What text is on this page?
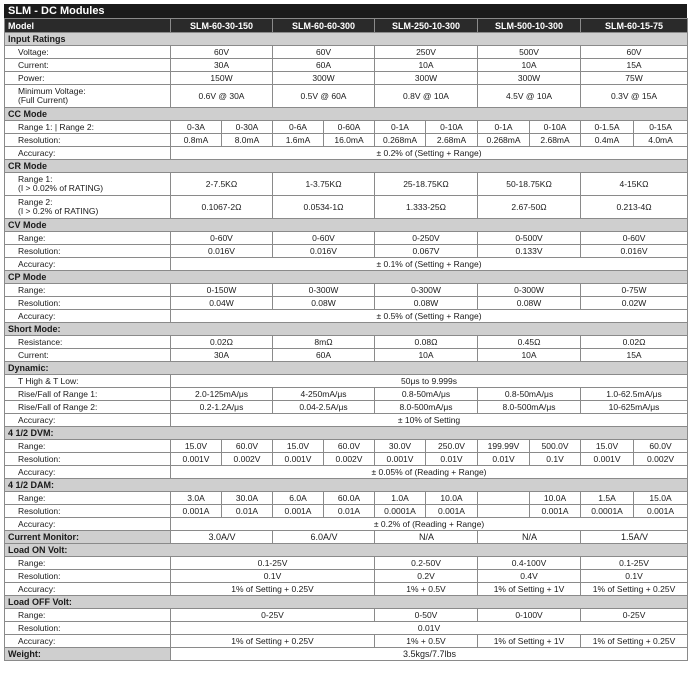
SLM - DC Modules
Model	SLM-60-30-150		SLM-60-60-300		SLM-250-10-300		SLM-500-10-300		SLM-60-15-75	
Input Ratings										
Voltage:	60V		60V		250V		500V		60V	
Current:	30A		60A		10A		10A		15A	
Power:	150W		300W		300W		300W		75W	

Minimum Voltage:
(Full Current)	0.6V @ 30A		0.5V @ 60A		0.8V @ 10A		4.5V @ 10A		0.3V @ 15A	
CC Mode										
Range 1: | Range 2:	0-3A	0-30A	0-6A	0-60A	0-1A	0-10A	0-1A	0-10A	0-1.5A	0-15A
Resolution:	0.8mA	8.0mA	1.6mA	16.0mA	0.268mA	2.68mA	0.268mA	2.68mA	0.4mA	4.0mA
Accuracy:	± 0.2% of (Setting + Range)									
CR Mode										

Range 1:
(I > 0.02% of RATING)	2-7.5KΩ		1-3.75KΩ		25-18.75KΩ		50-18.75KΩ		4-15KΩ	

Range 2:
(I > 0.2% of RATING)	0.1067-2Ω		0.0534-1Ω		1.333-25Ω		2.67-50Ω		0.213-4Ω	
CV Mode										
Range:	0-60V		0-60V		0-250V		0-500V		0-60V	
Resolution:	0.016V		0.016V		0.067V		0.133V		0.016V	
Accuracy:	± 0.1% of (Setting + Range)									
CP Mode										
Range:	0-150W		0-300W		0-300W		0-300W		0-75W	
Resolution:	0.04W		0.08W		0.08W		0.08W		0.02W	
Accuracy:	± 0.5% of (Setting + Range)									
Short Mode:										
Resistance:	0.02Ω		8mΩ		0.08Ω		0.45Ω		0.02Ω	
Current:	30A		60A		10A		10A		15A	
Dynamic:										
T High & T Low:	50μs to 9.999s									
Rise/Fall of Range 1:	2.0-125mA/μs		4-250mA/μs		0.8-50mA/μs		0.8-50mA/μs		1.0-62.5mA/μs	
Rise/Fall of Range 2:	0.2-1.2A/μs		0.04-2.5A/μs		8.0-500mA/μs		8.0-500mA/μs		10-625mA/μs	
Accuracy:	± 10% of Setting									
4 1/2 DVM:										
Range:	15.0V	60.0V	15.0V	60.0V	30.0V	250.0V	199.99V	500.0V	15.0V	60.0V
Resolution:	0.001V	0.002V	0.001V	0.002V	0.001V	0.01V	0.01V	0.1V	0.001V	0.002V
Accuracy:	± 0.05% of (Reading + Range)									
4 1/2 DAM:										
Range:	3.0A	30.0A	6.0A	60.0A	1.0A	10.0A		10.0A	1.5A	15.0A
Resolution:	0.001A	0.01A	0.001A	0.01A	0.0001A	0.001A		0.001A	0.0001A	0.001A
Accuracy:	± 0.2% of (Reading + Range)									
Current Monitor:	3.0A/V		6.0A/V		N/A		N/A		1.5A/V	
Load ON Volt:										
Range:	0.1-25V				0.2-50V		0.4-100V		0.1-25V	
Resolution:	0.1V				0.2V		0.4V		0.1V	
Accuracy:	1% of Setting + 0.25V				1% + 0.5V		1% of Setting + 1V		1% of Setting + 0.25V	
Load OFF Volt:										
Range:	0-25V				0-50V		0-100V		0-25V	
Resolution:	0.01V									
Accuracy:	1% of Setting + 0.25V				1% + 0.5V		1% of Setting + 1V		1% of Setting + 0.25V	
Weight:	3.5kgs/7.7lbs									
